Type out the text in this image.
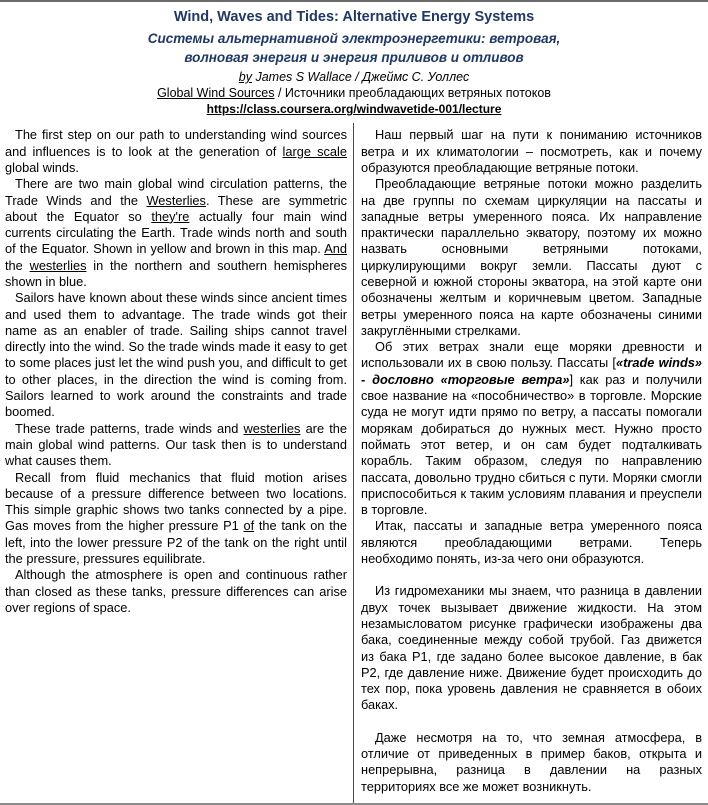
Wind, Waves and Tides: Alternative Energy Systems
Системы альтернативной электроэнергетики: ветровая, волновая энергия и энергия приливов и отливов

by James S Wallace / Джеймс С. Уоллес

Global Wind Sources / Источники преобладающих ветряных потоков

https://class.coursera.org/windwavetide-001/lecture

The first step on our path to understanding wind sources and influences is to look at the generation of large scale global winds.

There are two main global wind circulation patterns, the Trade Winds and the Westerlies. These are symmetric about the Equator so they're actually four main wind currents circulating the Earth. Trade winds north and south of the Equator. Shown in yellow and brown in this map. And the westerlies in the northern and southern hemispheres shown in blue.

Sailors have known about these winds since ancient times and used them to advantage. The trade winds got their name as an enabler of trade. Sailing ships cannot travel directly into the wind. So the trade winds made it easy to get to some places just let the wind push you, and difficult to get to other places, in the direction the wind is coming from. Sailors learned to work around the constraints and trade boomed.

These trade patterns, trade winds and westerlies are the main global wind patterns. Our task then is to understand what causes them.

Recall from fluid mechanics that fluid motion arises because of a pressure difference between two locations. This simple graphic shows two tanks connected by a pipe. Gas moves from the higher pressure P1 of the tank on the left, into the lower pressure P2 of the tank on the right until the pressure, pressures equilibrate.

Although the atmosphere is open and continuous rather than closed as these tanks, pressure differences can arise over regions of space.

Наш первый шаг на пути к пониманию источников ветра и их климатологии – посмотреть, как и почему образуются преобладающие ветряные потоки.

Преобладающие ветряные потоки можно разделить на две группы по схемам циркуляции на пассаты и западные ветры умеренного пояса. Их направление практически параллельно экватору, поэтому их можно назвать основными ветряными потоками, циркулирующими вокруг земли. Пассаты дуют с северной и южной стороны экватора, на этой карте они обозначены желтым и коричневым цветом. Западные ветры умеренного пояса на карте обозначены синими закруглёнными стрелками.

Об этих ветрах знали еще моряки древности и использовали их в свою пользу. Пассаты [«trade winds» - дословно «торговые ветра»] как раз и получили свое название на «пособничество» в торговле. Морские суда не могут идти прямо по ветру, а пассаты помогали морякам добираться до нужных мест. Нужно просто поймать этот ветер, и он сам будет подталкивать корабль. Таким образом, следуя по направлению пассата, довольно трудно сбиться с пути. Моряки смогли приспособиться к таким условиям плавания и преуспели в торговле.

Итак, пассаты и западные ветра умеренного пояса являются преобладающими ветрами. Теперь необходимо понять, из-за чего они образуются.

Из гидромеханики мы знаем, что разница в давлении двух точек вызывает движение жидкости. На этом незамысловатом рисунке графически изображены два бака, соединенные между собой трубой. Газ движется из бака P1, где задано более высокое давление, в бак P2, где давление ниже. Движение будет происходить до тех пор, пока уровень давления не сравняется в обоих баках.

Даже несмотря на то, что земная атмосфера, в отличие от приведенных в пример баков, открыта и непрерывна, разница в давлении на разных территориях все же может возникнуть.
